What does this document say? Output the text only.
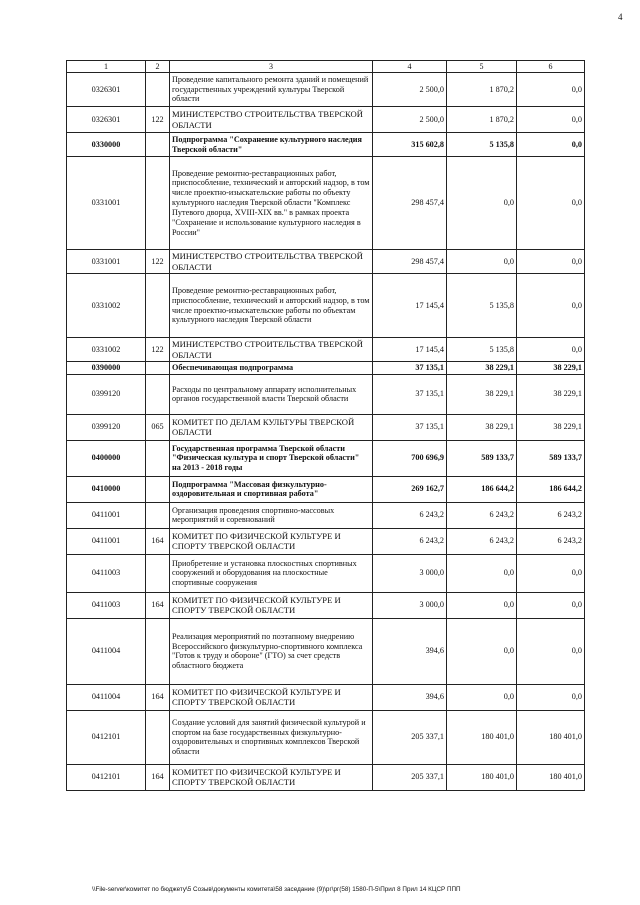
4
1	2	3	4	5	6
0326301		Проведение капитального ремонта зданий и помещений государственных учреждений культуры Тверской области	2 500,0	1 870,2	0,0
0326301	122	МИНИСТЕРСТВО СТРОИТЕЛЬСТВА ТВЕРСКОЙ ОБЛАСТИ	2 500,0	1 870,2	0,0
0330000		Подпрограмма "Сохранение культурного наследия Тверской области"	315 602,8	5 135,8	0,0
0331001		Проведение ремонтно-реставрационных работ, приспособление, технический и авторский надзор, в том числе проектно-изыскательские работы по объекту культурного наследия Тверской области "Комплекс Путевого дворца, XVIII-XIX вв." в рамках проекта "Сохранение и использование культурного наследия в России"	298 457,4	0,0	0,0
0331001	122	МИНИСТЕРСТВО СТРОИТЕЛЬСТВА ТВЕРСКОЙ ОБЛАСТИ	298 457,4	0,0	0,0
0331002		Проведение ремонтно-реставрационных работ, приспособление, технический и авторский надзор, в том числе проектно-изыскательские работы по объектам культурного наследия Тверской области	17 145,4	5 135,8	0,0
0331002	122	МИНИСТЕРСТВО СТРОИТЕЛЬСТВА ТВЕРСКОЙ ОБЛАСТИ	17 145,4	5 135,8	0,0
0390000		Обеспечивающая подпрограмма	37 135,1	38 229,1	38 229,1
0399120		Расходы по центральному аппарату исполнительных органов государственной власти Тверской области	37 135,1	38 229,1	38 229,1
0399120	065	КОМИТЕТ ПО ДЕЛАМ КУЛЬТУРЫ ТВЕРСКОЙ ОБЛАСТИ	37 135,1	38 229,1	38 229,1
0400000		Государственная программа Тверской области "Физическая культура и спорт Тверской области" на 2013 - 2018 годы	700 696,9	589 133,7	589 133,7
0410000		Подпрограмма "Массовая физкультурно-оздоровительная и спортивная работа"	269 162,7	186 644,2	186 644,2
0411001		Организация проведения спортивно-массовых мероприятий и соревнований	6 243,2	6 243,2	6 243,2
0411001	164	КОМИТЕТ ПО ФИЗИЧЕСКОЙ КУЛЬТУРЕ И СПОРТУ ТВЕРСКОЙ ОБЛАСТИ	6 243,2	6 243,2	6 243,2
0411003		Приобретение и установка плоскостных спортивных сооружений и оборудования на плоскостные спортивные сооружения	3 000,0	0,0	0,0
0411003	164	КОМИТЕТ ПО ФИЗИЧЕСКОЙ КУЛЬТУРЕ И СПОРТУ ТВЕРСКОЙ ОБЛАСТИ	3 000,0	0,0	0,0
0411004		Реализация мероприятий по поэтапному внедрению Всероссийского физкультурно-спортивного комплекса "Готов к труду и обороне" (ГТО) за счет средств областного бюджета	394,6	0,0	0,0
0411004	164	КОМИТЕТ ПО ФИЗИЧЕСКОЙ КУЛЬТУРЕ И СПОРТУ ТВЕРСКОЙ ОБЛАСТИ	394,6	0,0	0,0
0412101		Создание условий для занятий физической культурой и спортом на базе государственных физкультурно-оздоровительных и спортивных комплексов Тверской области	205 337,1	180 401,0	180 401,0
0412101	164	КОМИТЕТ ПО ФИЗИЧЕСКОЙ КУЛЬТУРЕ И СПОРТУ ТВЕРСКОЙ ОБЛАСТИ	205 337,1	180 401,0	180 401,0
\\File-server\комитет по бюджету\5 Созыв\документы комитета\58 заседание (9)\рг\рг(58) 1580-П-5\Прил 8 Прил 14 КЦСР ППП
